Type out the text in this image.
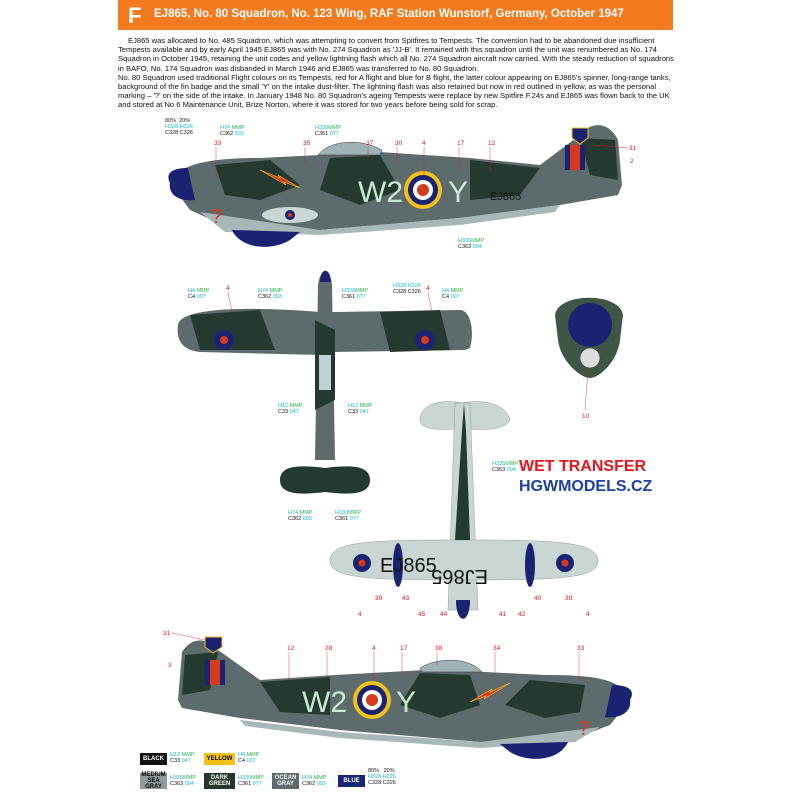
F EJ865, No. 80 Squadron, No. 123 Wing, RAF Station Wunstorf, Germany, October 1947

EJ865 was allocated to No. 485 Squadron, which was attempting to convert from Spitfires to Tempests. The conversion had to be abandoned due insufficient Tempests available and by early April 1945 EJ865 was with No. 274 Squadron as 'JJ-B'. It remained with this squadron until the unit was renumbered as No. 174 Squadron in October 1945, retaining the unit codes and yellow lightning flash which all No. 274 Squadron aircraft now carried. With the steady reduction of squadrons in BAFO, No. 174 Squadron was disbanded in March 1946 and EJ865 was transferred to No. 80 Squadron.

No. 80 Squadron used traditional Flight colours on its Tempests, red for A flight and blue for B flight, the latter colour appearing on EJ865's spinner, long-range tanks, background of the fin badge and the small 'Y' on the intake dust-filter. The lightning flash was also retained but now in red outlined in yellow, as was the personal marking – '?' on the side of the intake. In January 1948 No. 80 Squadron's ageing Tempests were replace by new Spitfire F.24s and EJ865 was flown back to the UK and stored at No 6 Maintenance Unit, Brize Norton, where it was stored for two years before being sold for scrap.

?
W2 Y EJ865
33	35	37	30	4	17	12
31
2
4	4
10
EJ865
EJ865
39	43
45 44	41 42
40	39
4	4
?
W2 Y
31
3
12	28	4	17	38	34	33
80% 20%
H328 H326
C328 C326
H74 MMP
C362 093
H330MMP
C361 077
H335MMP
C363 094
H4 MMP
C4 007
H74 MMP
C362 093
H330MMP
C361 077
H328 H326
C328 C326	H4 MMP
C4 007
H12 MMP
C33 047
H12 MMP
C33 047
H335MMP
C363 094
H74 MMP
C362 093
H330MMP
C361 077
WET TRANSFER
HGWMODELS.CZ
BLACK
H12 MMP
C33 047	YELLOW
H4 MMP
C4 007
MEDIUM SEA GRAY
H335MMP
C363 094
DARK GREEN
H330MMP
C361 077
OCEAN GRAY
H74 MMP
C362 093
BLUE
80% 20%
H328 H326
C328 C326
